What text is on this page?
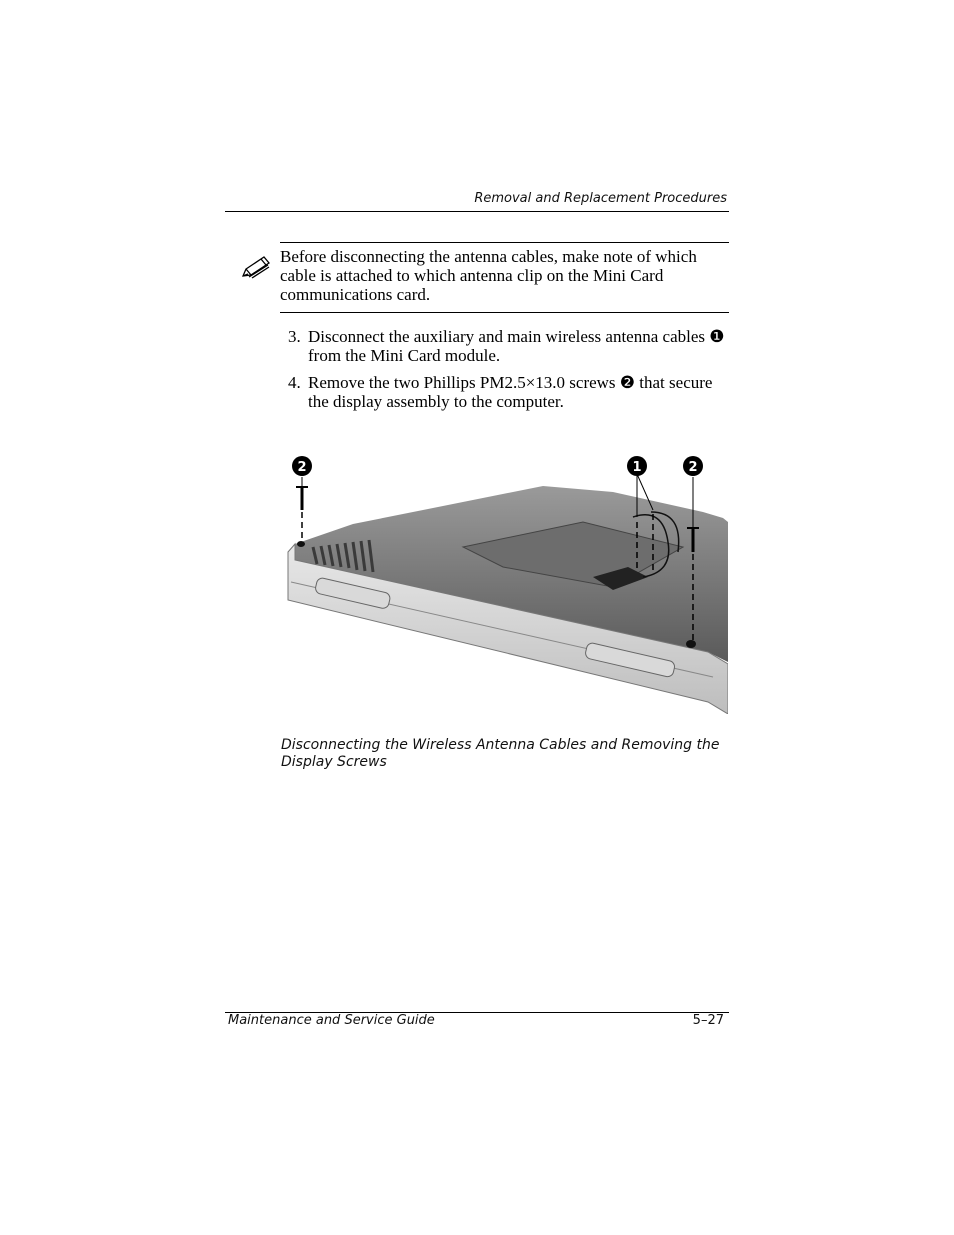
Removal and Replacement Procedures
Before disconnecting the antenna cables, make note of which cable is attached to which antenna clip on the Mini Card communications card.
3. Disconnect the auxiliary and main wireless antenna cables ❶ from the Mini Card module.
4. Remove the two Phillips PM2.5×13.0 screws ❷ that secure the display assembly to the computer.
2	1	2
Disconnecting the Wireless Antenna Cables and Removing the Display Screws
Maintenance and Service Guide	5–27
